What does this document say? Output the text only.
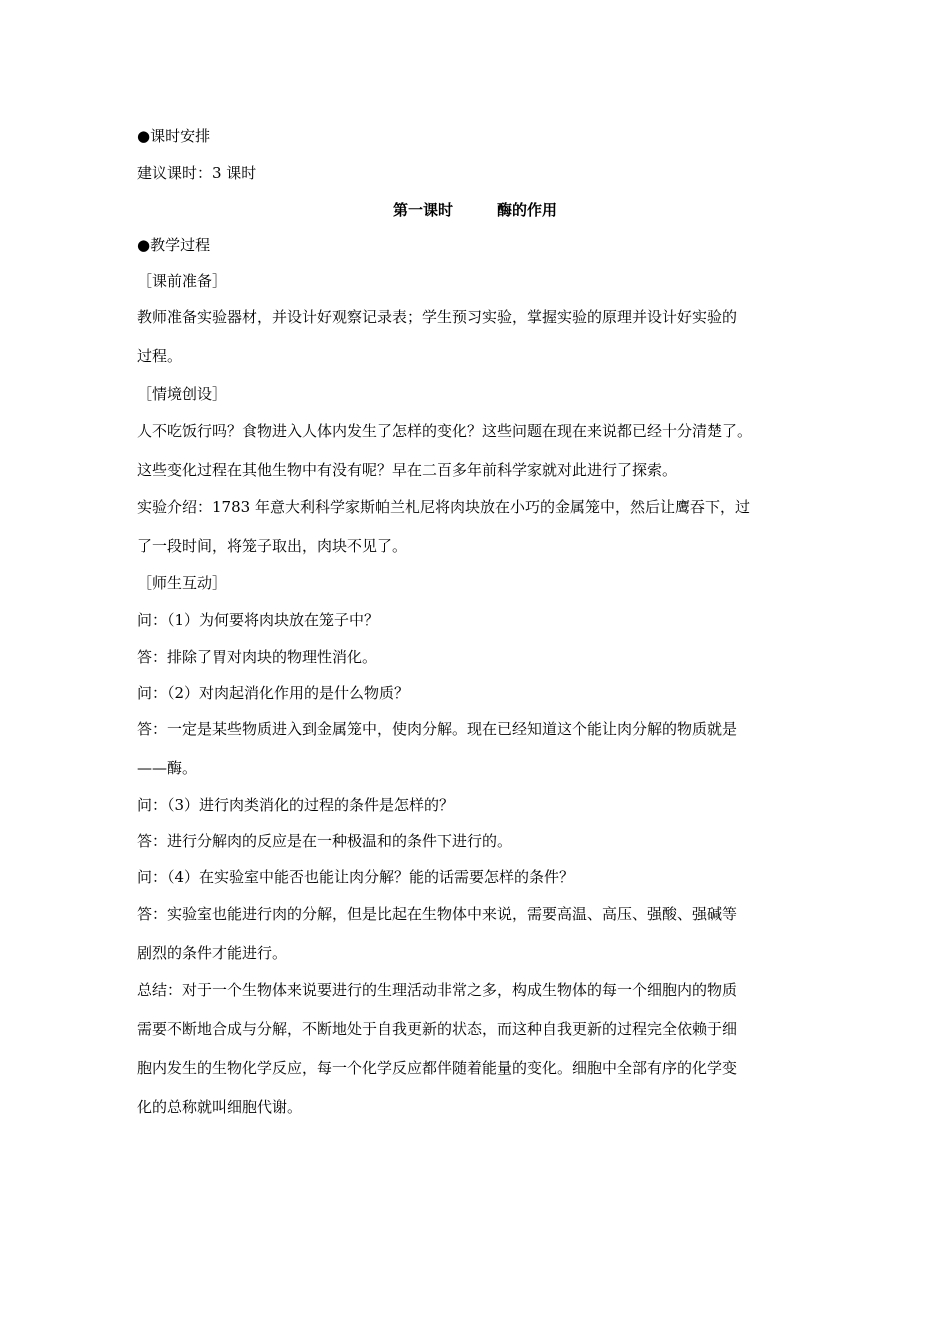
●课时安排
建议课时：3 课时
第一课时	酶的作用
●教学过程
［课前准备］
教师准备实验器材，并设计好观察记录表；学生预习实验，掌握实验的原理并设计好实验的
过程。
［情境创设］
人不吃饭行吗？食物进入人体内发生了怎样的变化？这些问题在现在来说都已经十分清楚了。
这些变化过程在其他生物中有没有呢？早在二百多年前科学家就对此进行了探索。
实验介绍：1783 年意大利科学家斯帕兰札尼将肉块放在小巧的金属笼中，然后让鹰吞下，过
了一段时间，将笼子取出，肉块不见了。
［师生互动］
问：（1）为何要将肉块放在笼子中？
答：排除了胃对肉块的物理性消化。
问：（2）对肉起消化作用的是什么物质？
答：一定是某些物质进入到金属笼中，使肉分解。现在已经知道这个能让肉分解的物质就是
——酶。
问：（3）进行肉类消化的过程的条件是怎样的？
答：进行分解肉的反应是在一种极温和的条件下进行的。
问：（4）在实验室中能否也能让肉分解？能的话需要怎样的条件？
答：实验室也能进行肉的分解，但是比起在生物体中来说，需要高温、高压、强酸、强碱等
剧烈的条件才能进行。
总结：对于一个生物体来说要进行的生理活动非常之多，构成生物体的每一个细胞内的物质
需要不断地合成与分解，不断地处于自我更新的状态，而这种自我更新的过程完全依赖于细
胞内发生的生物化学反应，每一个化学反应都伴随着能量的变化。细胞中全部有序的化学变
化的总称就叫细胞代谢。
